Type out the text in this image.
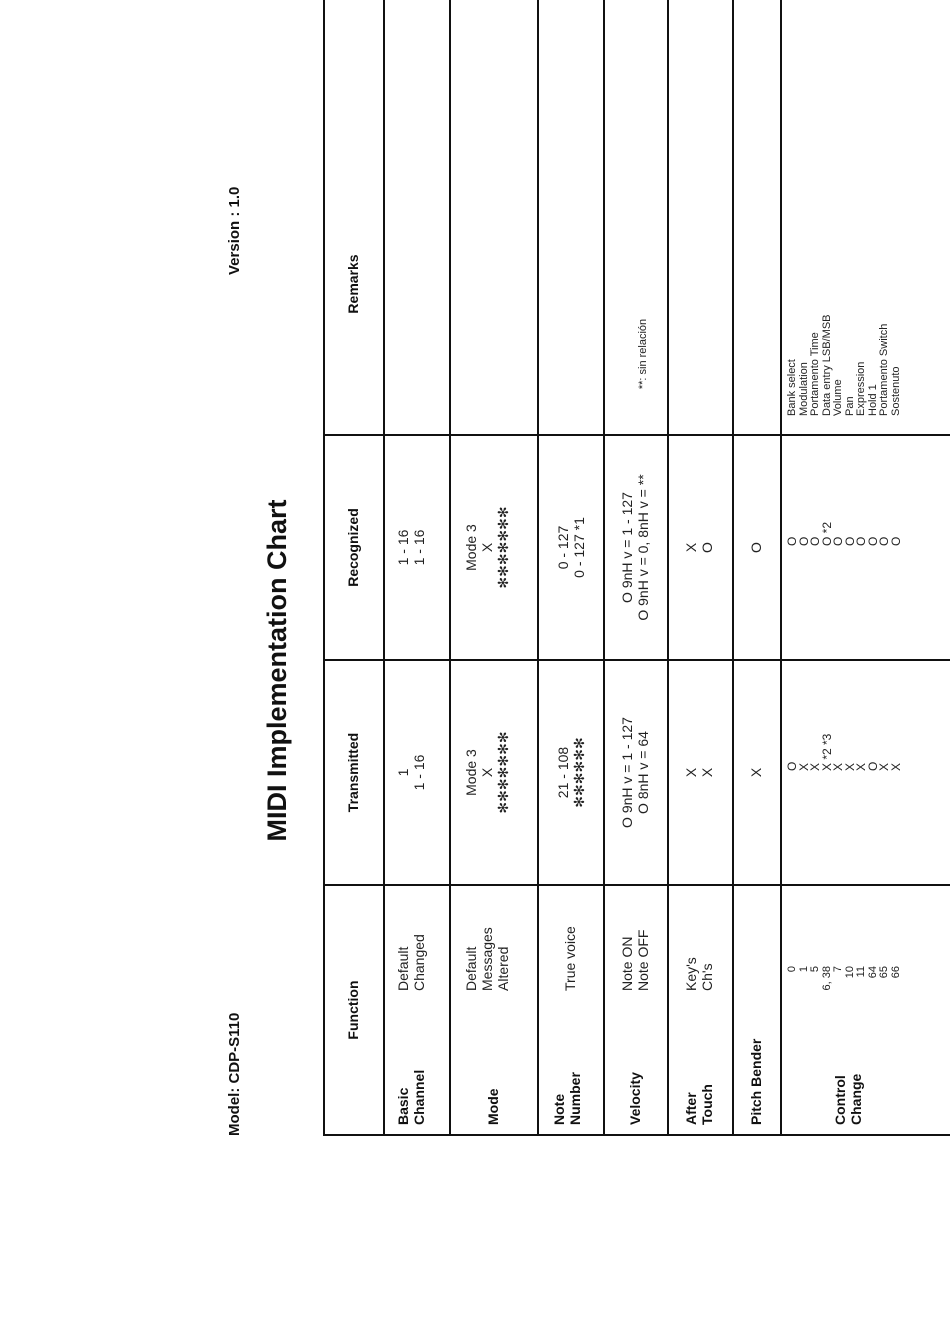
Model: CDP-S110
Version : 1.0
MIDI Implementation Chart
Function
Transmitted
Recognized
Remarks
Basic
Channel
Default
Changed
1
1 - 16
1 - 16
1 - 16
Mode
Default
Messages
Altered
Mode 3
X
✻✻✻✻✻✻✻
Mode 3
X
✻✻✻✻✻✻✻
Note
Number
True voice
21 - 108
✻✻✻✻✻✻
0 - 127
0 - 127 *1
Velocity
Note ON
Note OFF
O 9nH v = 1 - 127
O 8nH v = 64
O 9nH v = 1 - 127
O 9nH v = 0, 8nH v = **
**: sin relación
After
Touch
Key's
Ch's
X
X
X
O
Pitch Bender
X
O
Control
Change
0
1
5
6, 38
7
10
11
64
65
66
O
X
X
X *2 *3
X
X
X
O
X
X
O
O
O
O *2
O
O
O
O
O
O
Bank select
Modulation
Portamento Time
Data entry LSB/MSB
Volume
Pan
Expression
Hold 1
Portamento Switch
Sostenuto
